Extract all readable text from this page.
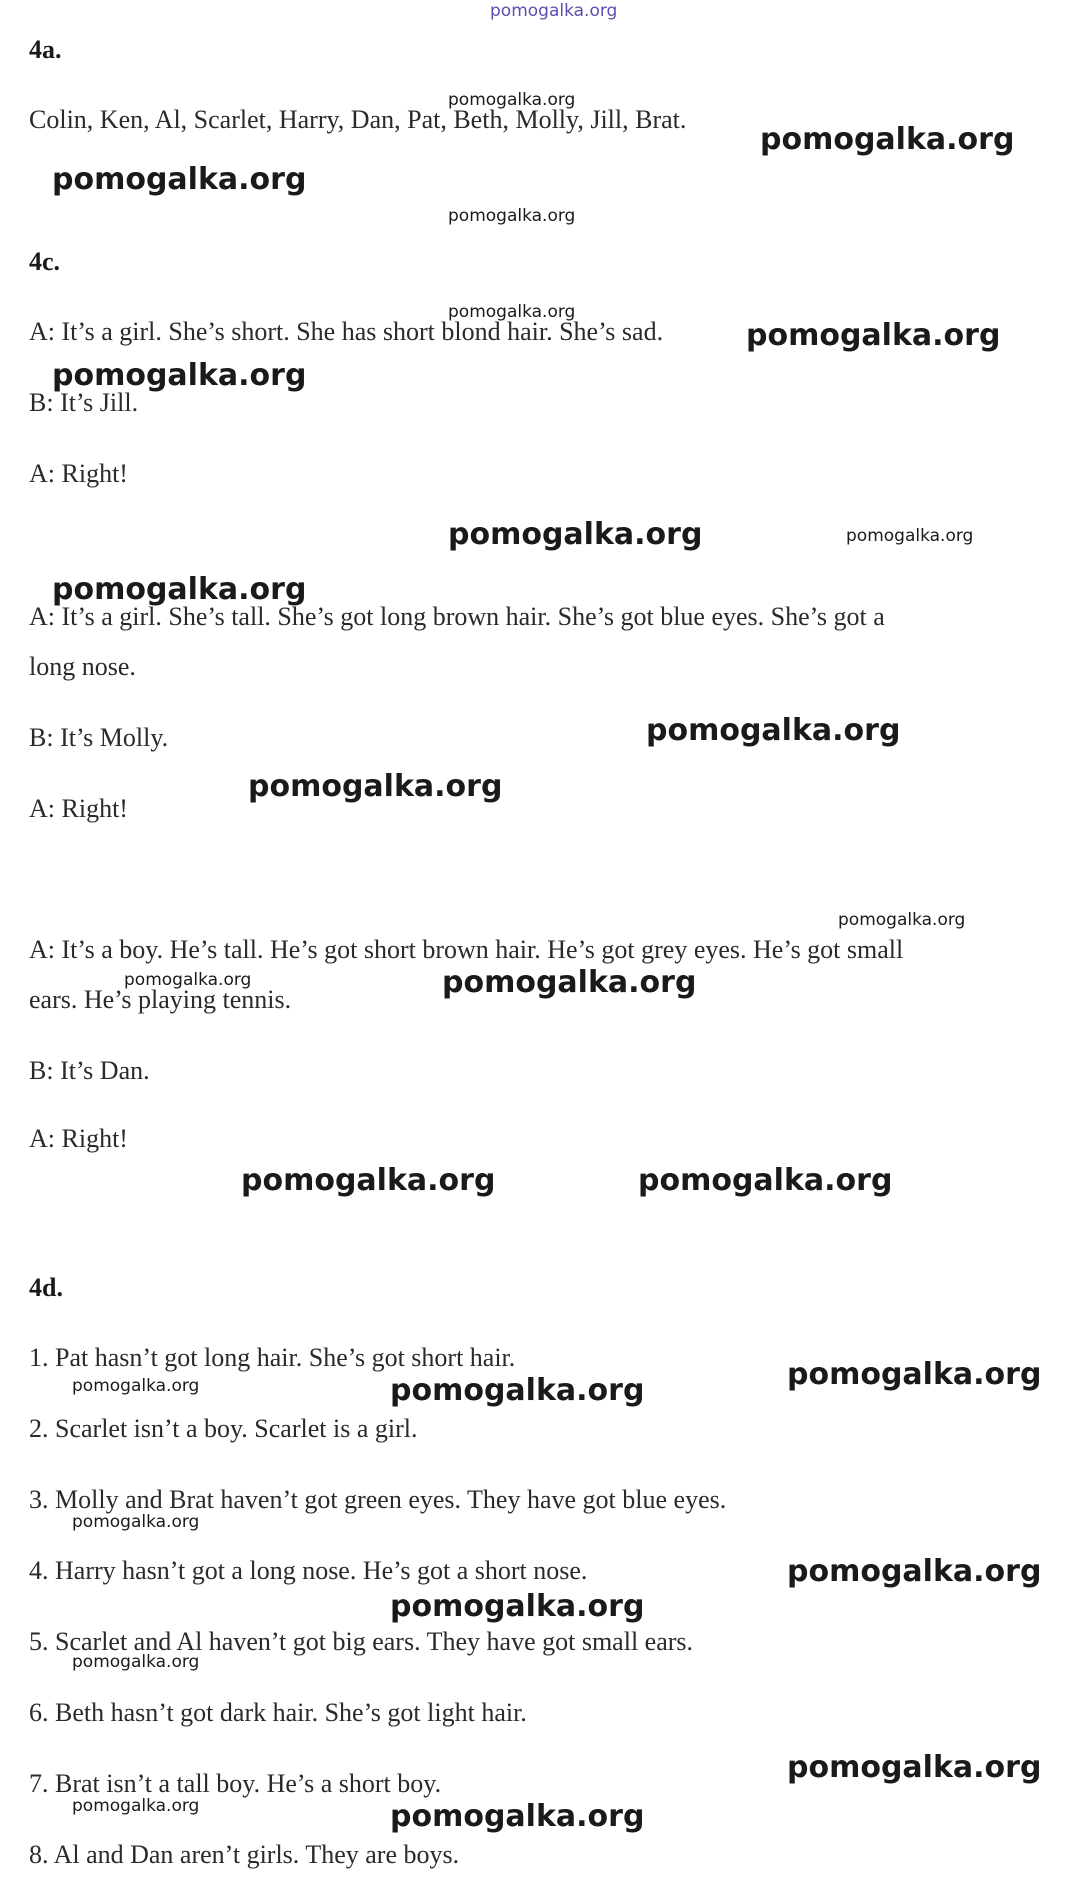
pomogalka.org
4a.
Colin, Ken, Al, Scarlet, Harry, Dan, Pat, Beth, Molly, Jill, Brat.
4c.
A: It’s a girl. She’s short. She has short blond hair. She’s sad.
B: It’s Jill.
A: Right!
A: It’s a girl. She’s tall. She’s got long brown hair. She’s got blue eyes. She’s got a
long nose.
B: It’s Molly.
A: Right!
A: It’s a boy. He’s tall. He’s got short brown hair. He’s got grey eyes. He’s got small
ears. He’s playing tennis.
B: It’s Dan.
A: Right!
4d.
1. Pat hasn’t got long hair. She’s got short hair.
2. Scarlet isn’t a boy. Scarlet is a girl.
3. Molly and Brat haven’t got green eyes. They have got blue eyes.
4. Harry hasn’t got a long nose. He’s got a short nose.
5. Scarlet and Al haven’t got big ears. They have got small ears.
6. Beth hasn’t got dark hair. She’s got light hair.
7. Brat isn’t a tall boy. He’s a short boy.
8. Al and Dan aren’t girls. They are boys.
pomogalka.org
pomogalka.org
pomogalka.org
pomogalka.org
pomogalka.org
pomogalka.org
pomogalka.org
pomogalka.org	pomogalka.org
pomogalka.org
pomogalka.org
pomogalka.org
pomogalka.org
pomogalka.org	pomogalka.org
pomogalka.org	pomogalka.org
pomogalka.org
pomogalka.org	pomogalka.org
pomogalka.org
pomogalka.org
pomogalka.org
pomogalka.org
pomogalka.org
pomogalka.org	pomogalka.org
